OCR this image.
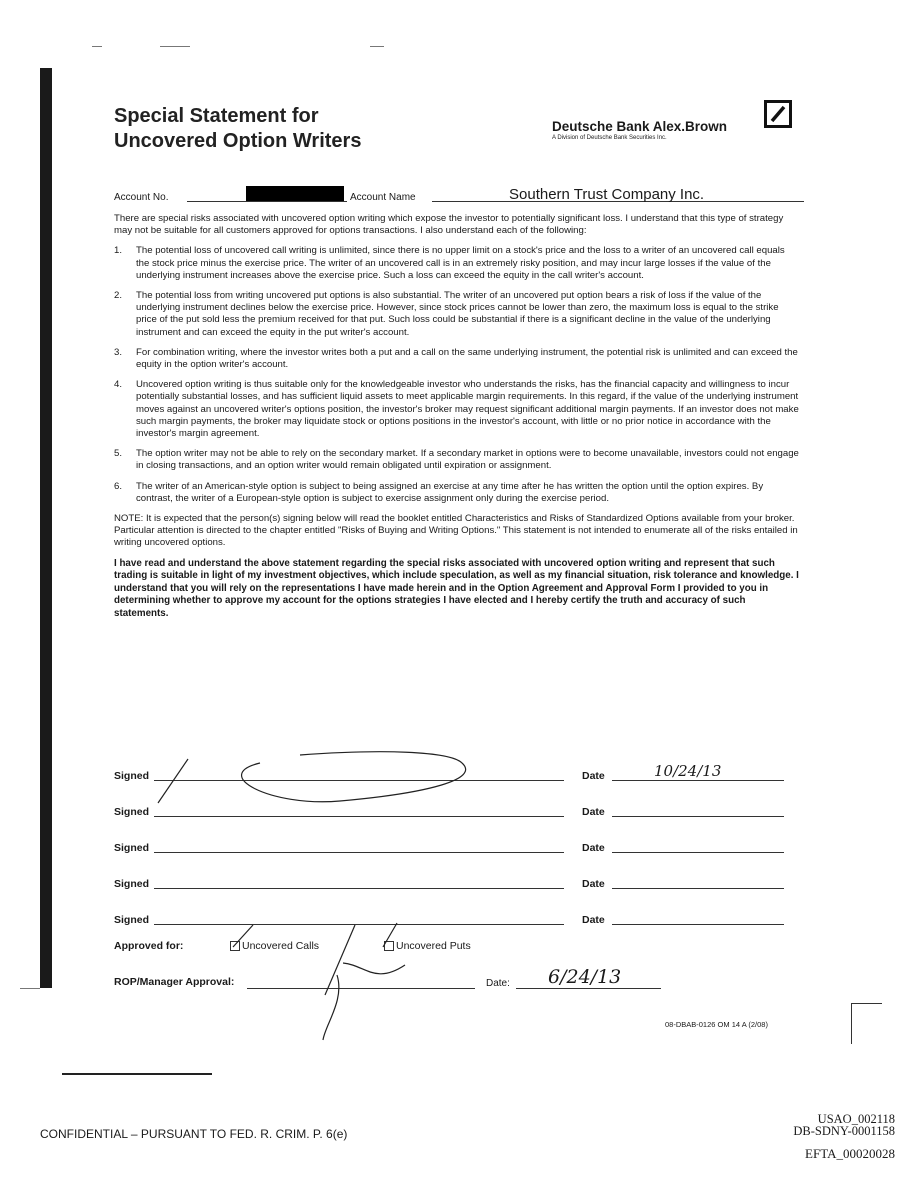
Special Statement for
Uncovered Option Writers
Deutsche Bank Alex.Brown
A Division of Deutsche Bank Securities Inc.
Account No.	Account Name	Southern Trust Company Inc.

There are special risks associated with uncovered option writing which expose the investor to potentially significant loss. I understand that this type of strategy may not be suitable for all customers approved for options transactions. I also understand each of the following:

1. The potential loss of uncovered call writing is unlimited, since there is no upper limit on a stock's price and the loss to a writer of an uncovered call equals the stock price minus the exercise price. The writer of an uncovered call is in an extremely risky position, and may incur large losses if the value of the underlying instrument increases above the exercise price. Such a loss can exceed the equity in the call writer's account.
2. The potential loss from writing uncovered put options is also substantial. The writer of an uncovered put option bears a risk of loss if the value of the underlying instrument declines below the exercise price. However, since stock prices cannot be lower than zero, the maximum loss is equal to the strike price of the put sold less the premium received for that put. Such loss could be substantial if there is a significant decline in the value of the underlying instrument and can exceed the equity in the put writer's account.
3. For combination writing, where the investor writes both a put and a call on the same underlying instrument, the potential risk is unlimited and can exceed the equity in the option writer's account.
4. Uncovered option writing is thus suitable only for the knowledgeable investor who understands the risks, has the financial capacity and willingness to incur potentially substantial losses, and has sufficient liquid assets to meet applicable margin requirements. In this regard, if the value of the underlying instrument moves against an uncovered writer's options position, the investor's broker may request significant additional margin payments. If an investor does not make such margin payments, the broker may liquidate stock or options positions in the investor's account, with little or no prior notice in accordance with the investor's margin agreement.
5. The option writer may not be able to rely on the secondary market. If a secondary market in options were to become unavailable, investors could not engage in closing transactions, and an option writer would remain obligated until expiration or assignment.
6. The writer of an American-style option is subject to being assigned an exercise at any time after he has written the option until the option expires. By contrast, the writer of a European-style option is subject to exercise assignment only during the exercise period.

NOTE: It is expected that the person(s) signing below will read the booklet entitled Characteristics and Risks of Standardized Options available from your broker. Particular attention is directed to the chapter entitled "Risks of Buying and Writing Options." This statement is not intended to enumerate all of the risks entailed in writing uncovered options.

I have read and understand the above statement regarding the special risks associated with uncovered option writing and represent that such trading is suitable in light of my investment objectives, which include speculation, as well as my financial situation, risk tolerance and knowledge. I understand that you will rely on the representations I have made herein and in the Option Agreement and Approval Form I provided to you in determining whether to approve my account for the options strategies I have elected and I hereby certify the truth and accuracy of such statements.

Signed	Date	10/24/13
Signed	Date
Signed	Date
Signed	Date
Signed	Date
Approved for:	Uncovered Calls	Uncovered Puts
ROP/Manager Approval:	Date: 6/24/13
08-DBAB-0126 OM 14 A (2/08)
CONFIDENTIAL – PURSUANT TO FED. R. CRIM. P. 6(e)
USAO_002118
DB-SDNY-0001158
EFTA_00020028
